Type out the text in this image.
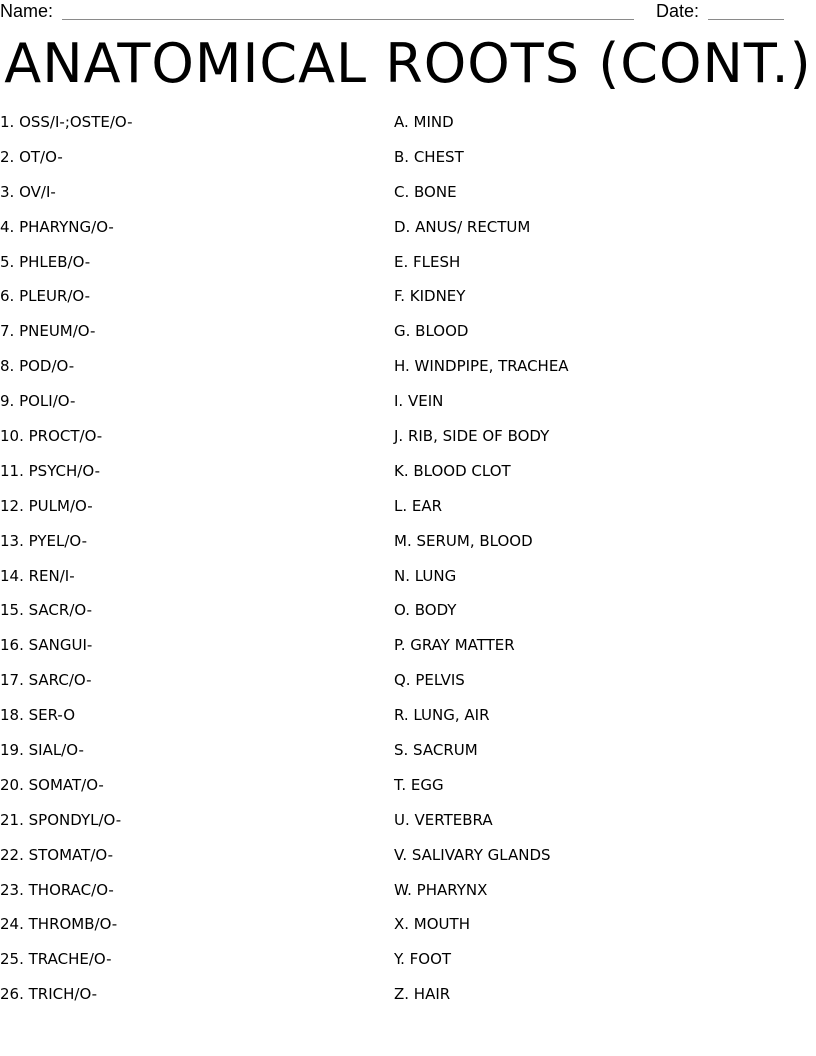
Name:	Date:
ANATOMICAL ROOTS (CONT.)
1. OSS/I-;OSTE/O-	A. MIND
2. OT/O-	B. CHEST
3. OV/I-	C. BONE
4. PHARYNG/O-	D. ANUS/ RECTUM
5. PHLEB/O-	E. FLESH
6. PLEUR/O-	F. KIDNEY
7. PNEUM/O-	G. BLOOD
8. POD/O-	H. WINDPIPE, TRACHEA
9. POLI/O-	I. VEIN
10. PROCT/O-	J. RIB, SIDE OF BODY
11. PSYCH/O-	K. BLOOD CLOT
12. PULM/O-	L. EAR
13. PYEL/O-	M. SERUM, BLOOD
14. REN/I-	N. LUNG
15. SACR/O-	O. BODY
16. SANGUI-	P. GRAY MATTER
17. SARC/O-	Q. PELVIS
18. SER-O	R. LUNG, AIR
19. SIAL/O-	S. SACRUM
20. SOMAT/O-	T. EGG
21. SPONDYL/O-	U. VERTEBRA
22. STOMAT/O-	V. SALIVARY GLANDS
23. THORAC/O-	W. PHARYNX
24. THROMB/O-	X. MOUTH
25. TRACHE/O-	Y. FOOT
26. TRICH/O-	Z. HAIR
